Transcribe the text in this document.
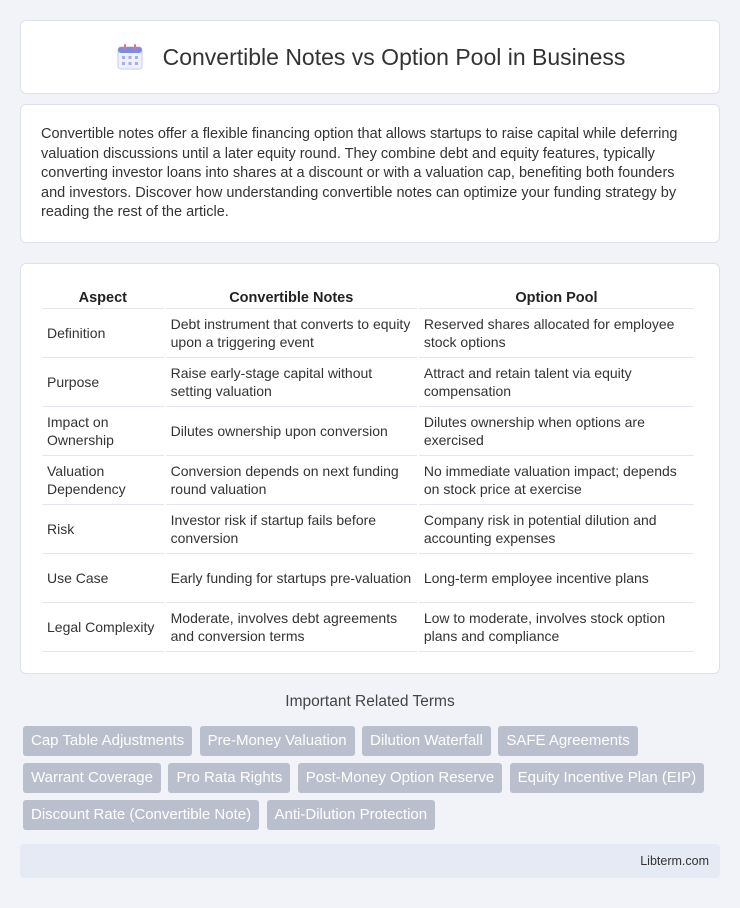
Convertible Notes vs Option Pool in Business

Convertible notes offer a flexible financing option that allows startups to raise capital while deferring valuation discussions until a later equity round. They combine debt and equity features, typically converting investor loans into shares at a discount or with a valuation cap, benefiting both founders and investors. Discover how understanding convertible notes can optimize your funding strategy by reading the rest of the article.

Aspect	Convertible Notes	Option Pool
Definition	Debt instrument that converts to equity upon a triggering event	Reserved shares allocated for employee stock options
Purpose	Raise early-stage capital without setting valuation	Attract and retain talent via equity compensation
Impact on Ownership	Dilutes ownership upon conversion	Dilutes ownership when options are exercised
Valuation Dependency	Conversion depends on next funding round valuation	No immediate valuation impact; depends on stock price at exercise
Risk	Investor risk if startup fails before conversion	Company risk in potential dilution and accounting expenses
Use Case	Early funding for startups pre-valuation	Long-term employee incentive plans
Legal Complexity	Moderate, involves debt agreements and conversion terms	Low to moderate, involves stock option plans and compliance
Important Related Terms
Cap Table Adjustments Pre-Money Valuation Dilution Waterfall SAFE Agreements Warrant Coverage Pro Rata Rights Post-Money Option Reserve Equity Incentive Plan (EIP) Discount Rate (Convertible Note) Anti-Dilution Protection
Libterm.com
